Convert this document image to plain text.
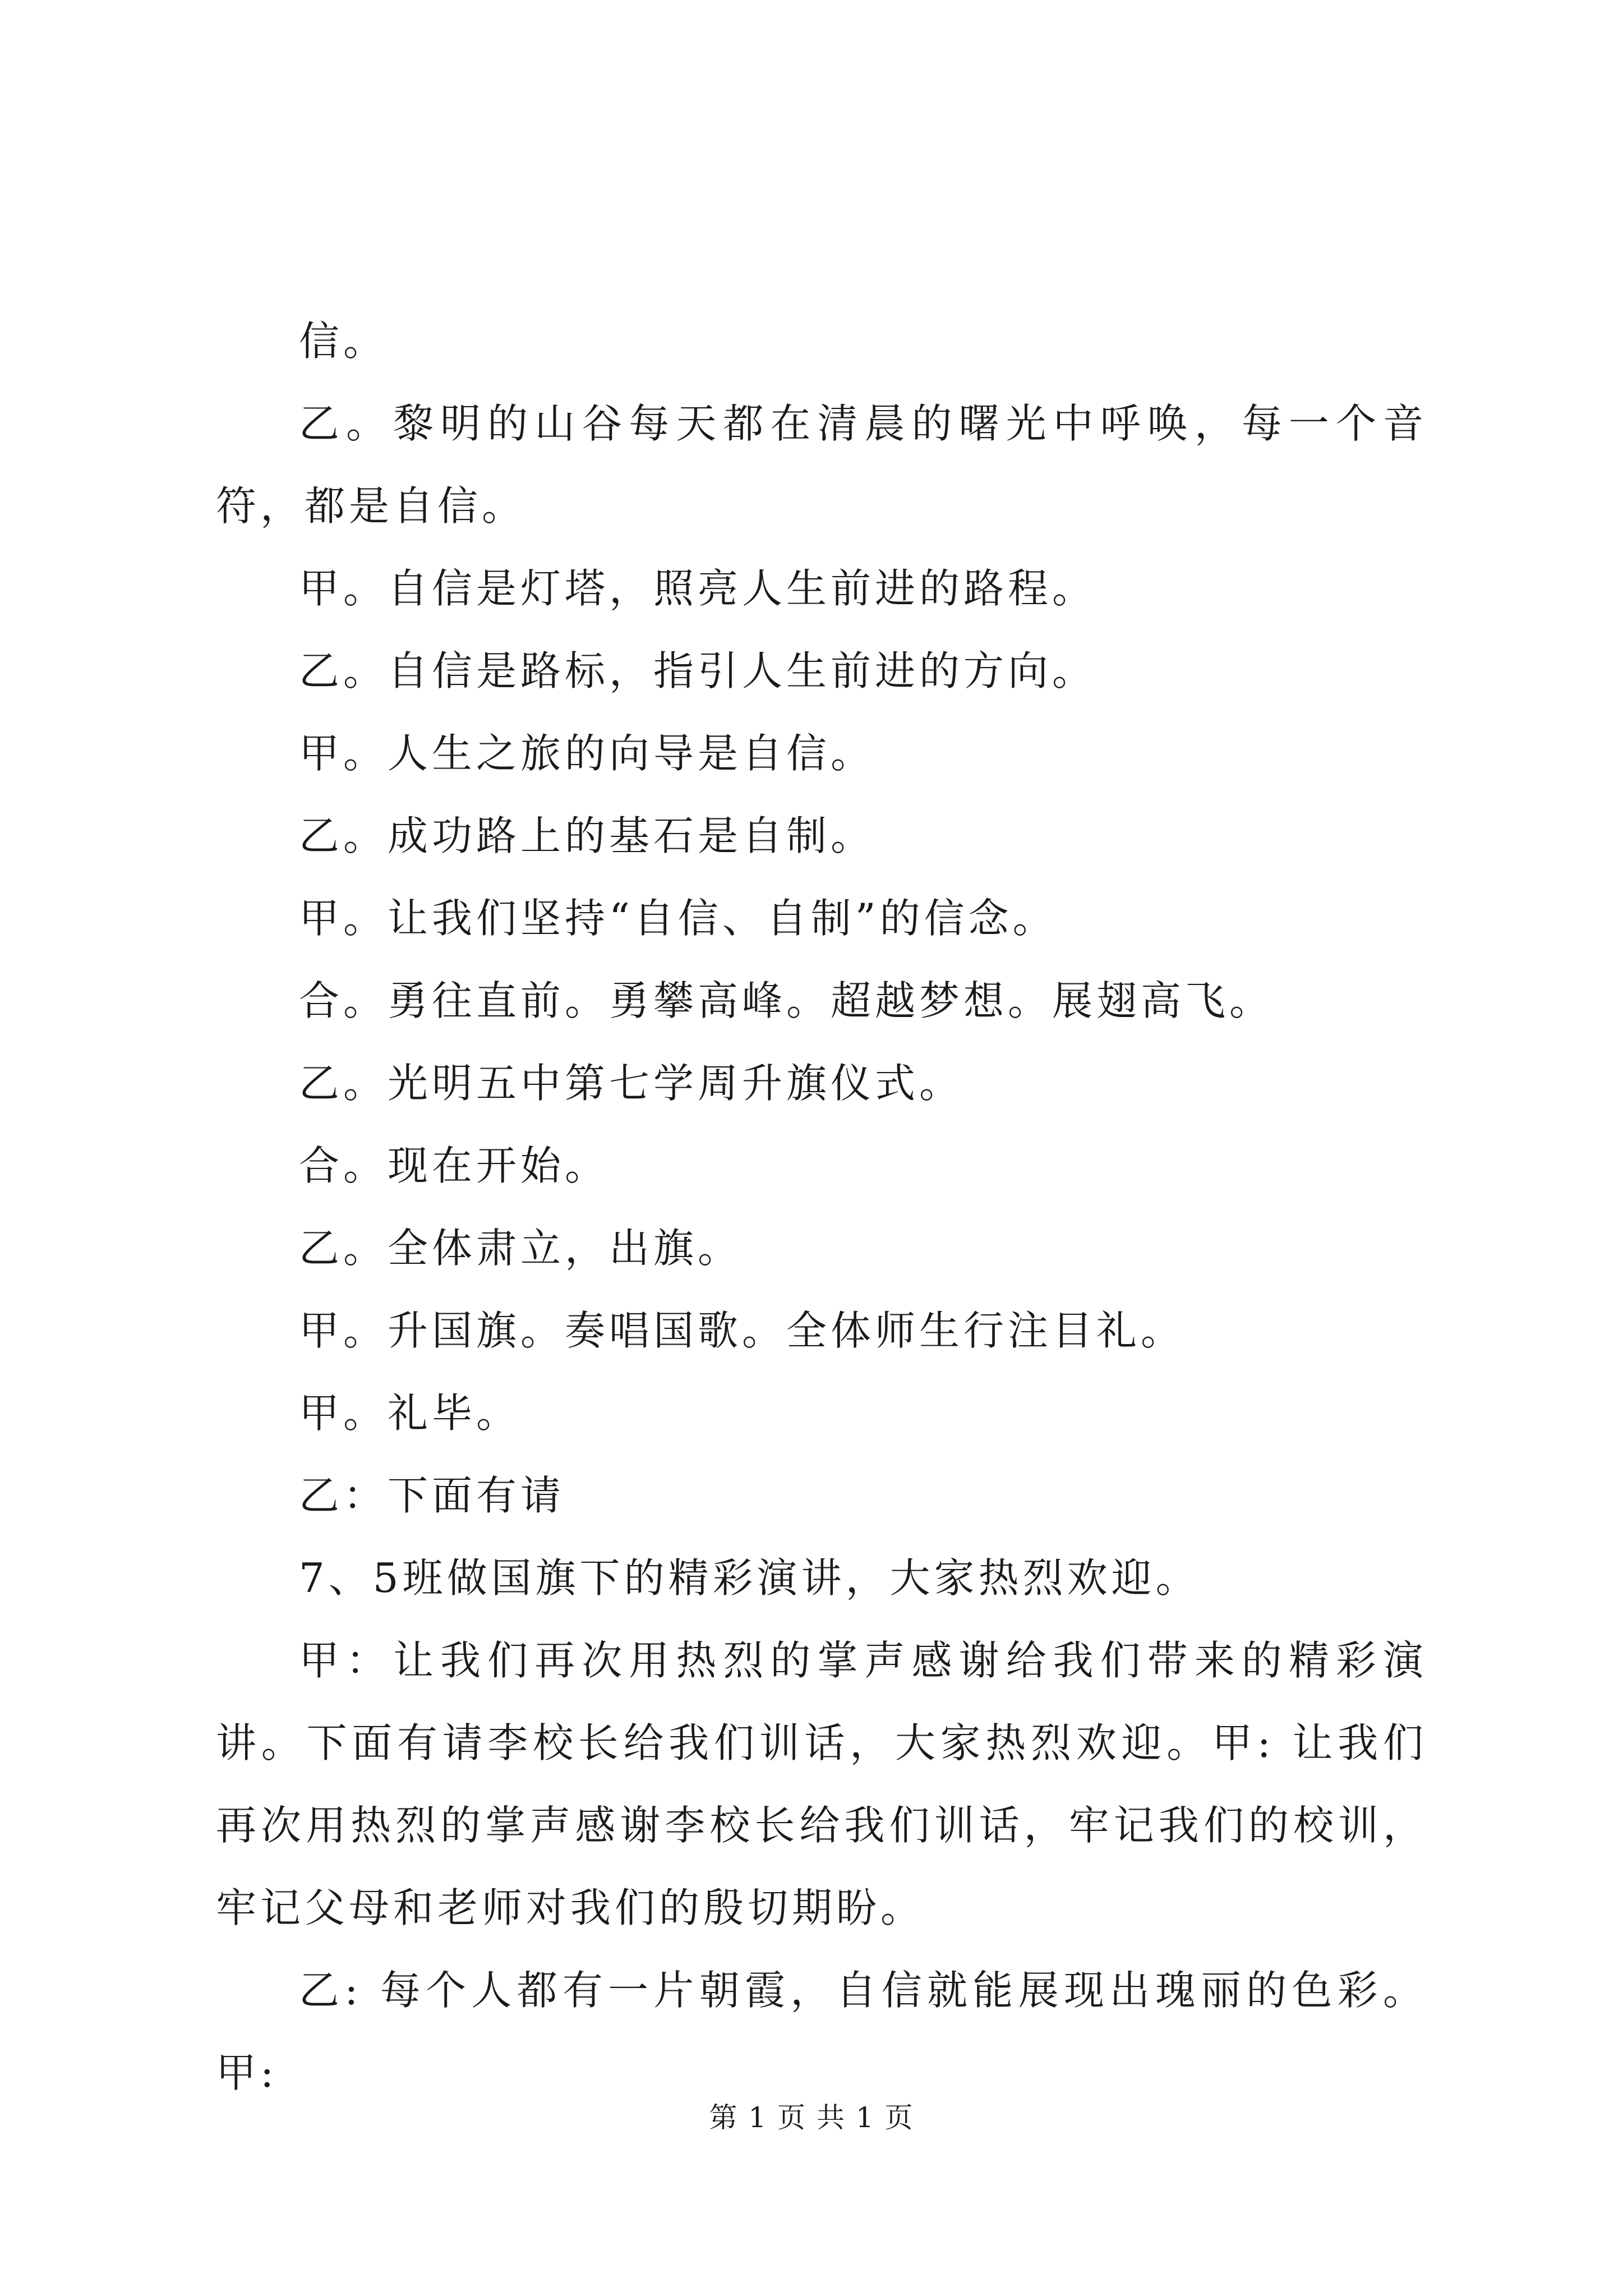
信。

乙。黎明的山谷每天都在清晨的曙光中呼唤，每一个音符，都是自信。

甲。自信是灯塔，照亮人生前进的路程。

乙。自信是路标，指引人生前进的方向。

甲。人生之旅的向导是自信。

乙。成功路上的基石是自制。

甲。让我们坚持“自信、自制”的信念。

合。勇往直前。勇攀高峰。超越梦想。展翅高飞。

乙。光明五中第七学周升旗仪式。

合。现在开始。

乙。全体肃立，出旗。

甲。升国旗。奏唱国歌。全体师生行注目礼。

甲。礼毕。

乙：下面有请

7、5班做国旗下的精彩演讲，大家热烈欢迎。

甲：让我们再次用热烈的掌声感谢给我们带来的精彩演讲。下面有请李校长给我们训话，大家热烈欢迎。甲: 让我们再次用热烈的掌声感谢李校长给我们训话，牢记我们的校训，牢记父母和老师对我们的殷切期盼。

乙: 每个人都有一片朝霞，自信就能展现出瑰丽的色彩。甲:

第 1 页 共 1 页
